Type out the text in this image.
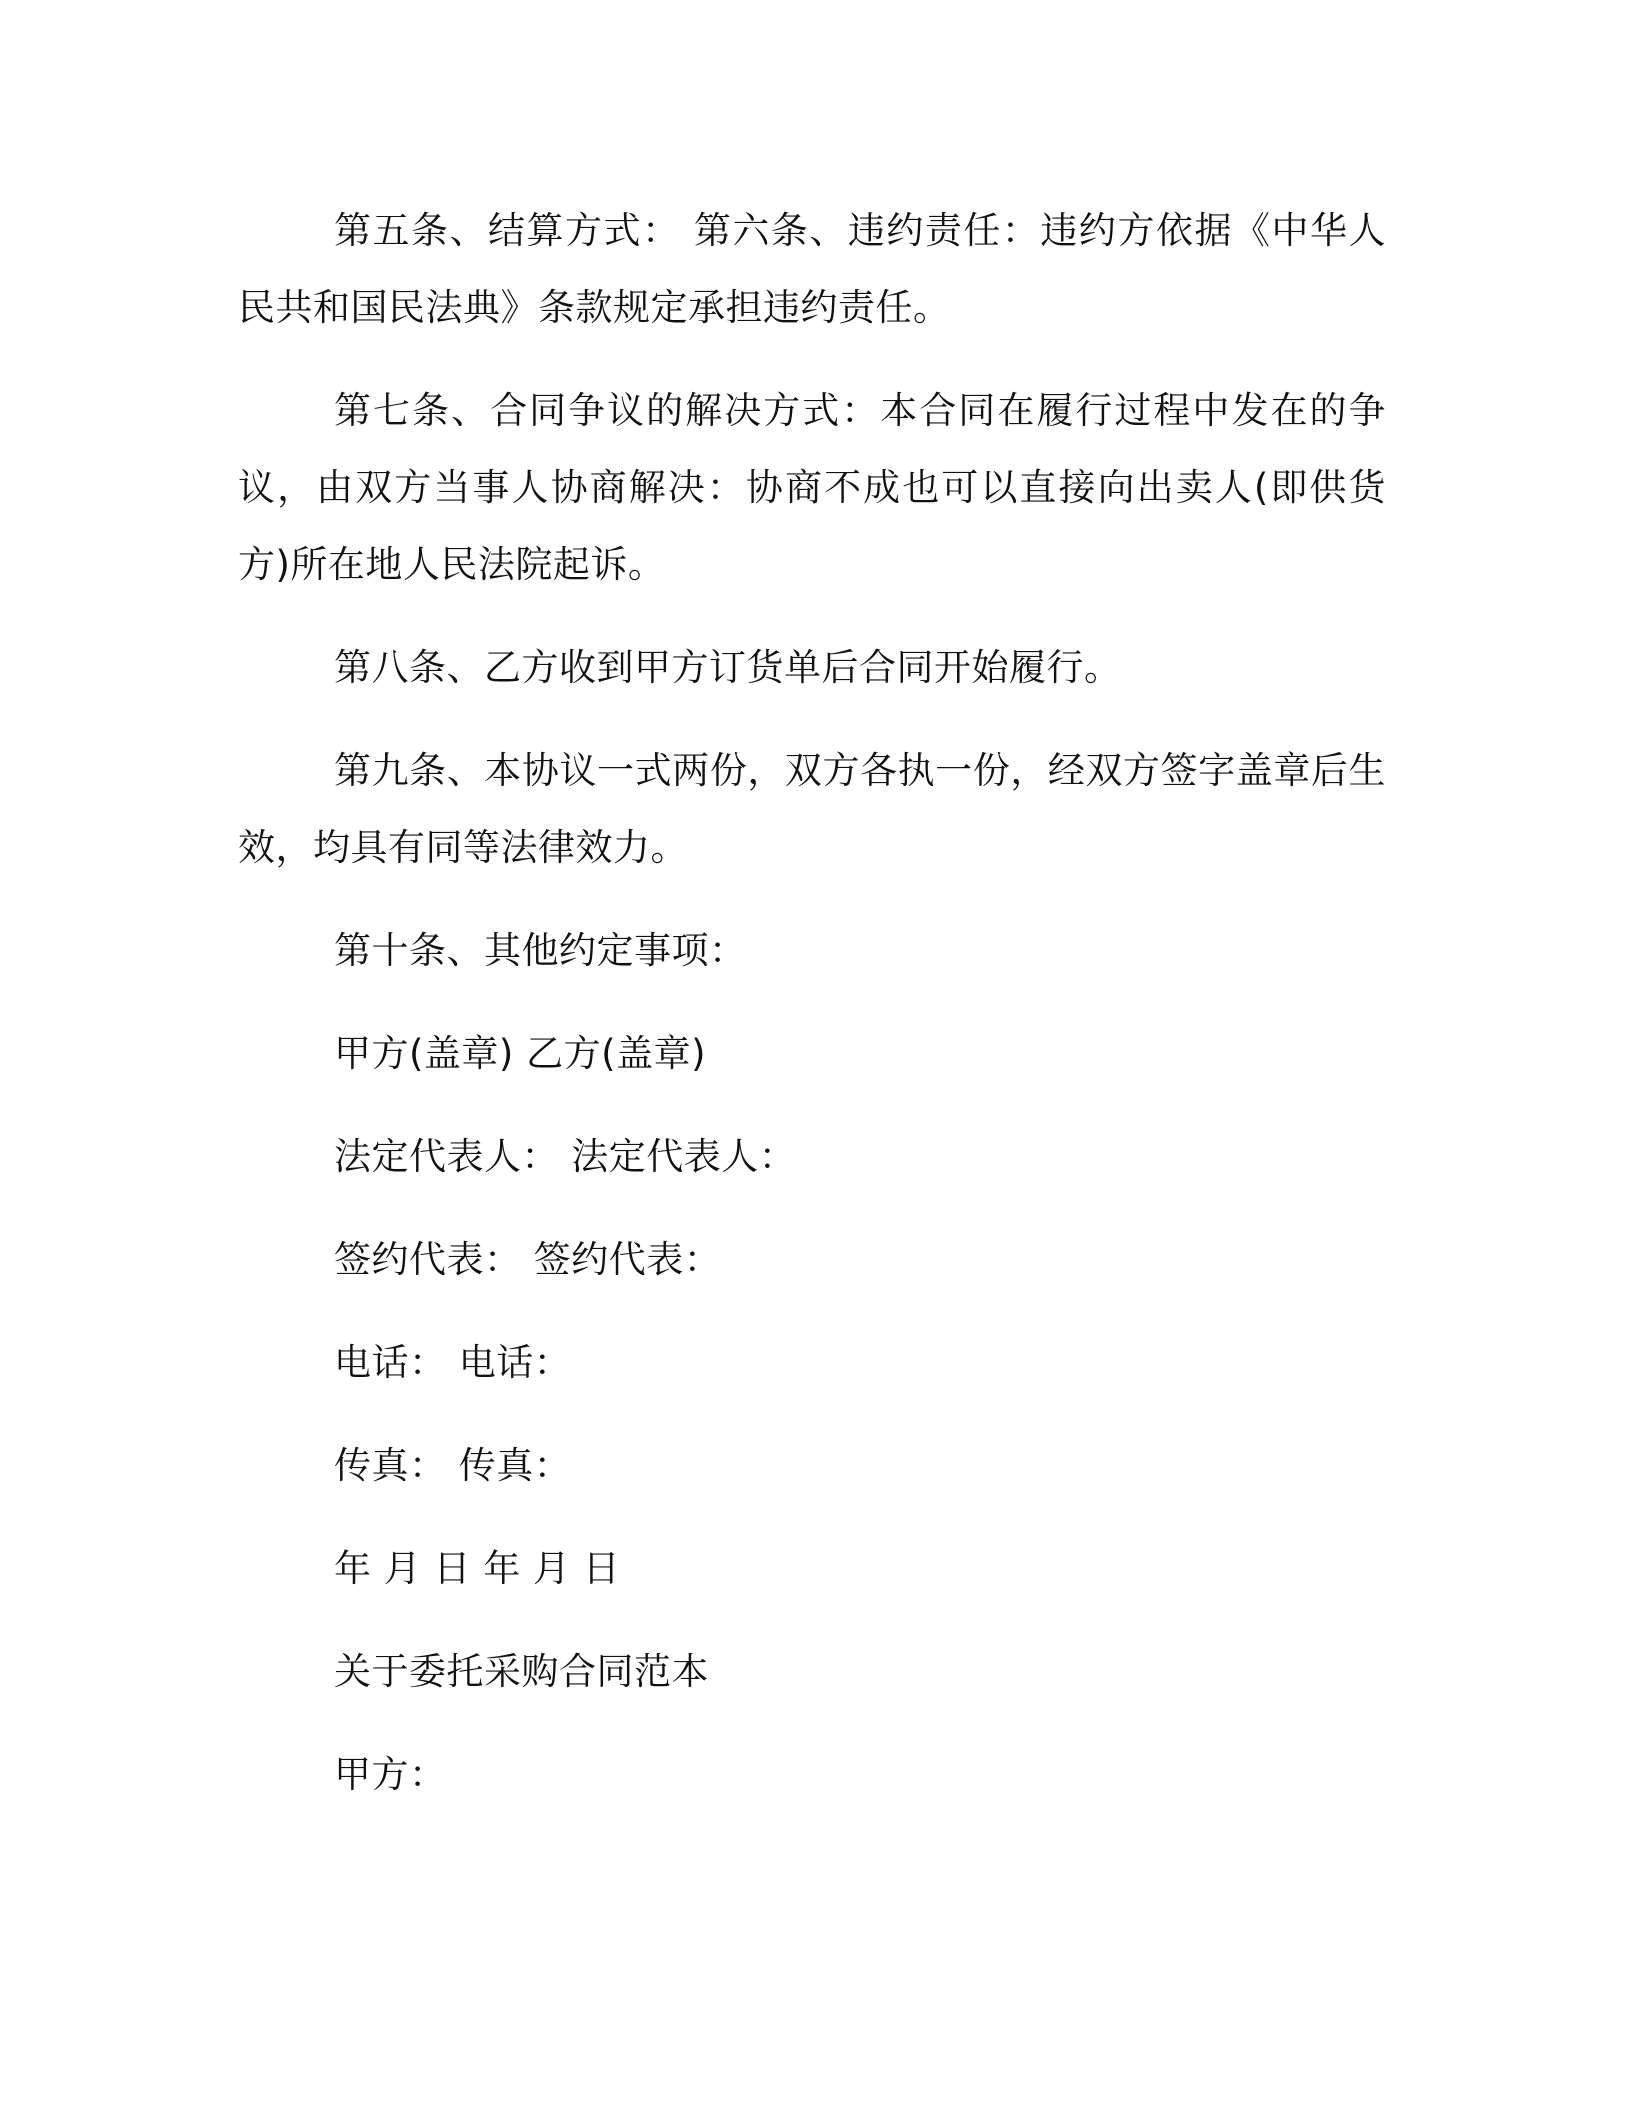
第五条、结算方式： 第六条、违约责任：违约方依据《中华人民共和国民法典》条款规定承担违约责任。

第七条、合同争议的解决方式：本合同在履行过程中发在的争议，由双方当事人协商解决：协商不成也可以直接向出卖人(即供货方)所在地人民法院起诉。

第八条、乙方收到甲方订货单后合同开始履行。

第九条、本协议一式两份，双方各执一份，经双方签字盖章后生效，均具有同等法律效力。

第十条、其他约定事项：

甲方(盖章) 乙方(盖章)

法定代表人： 法定代表人：

签约代表： 签约代表：

电话： 电话：

传真： 传真：

年 月 日 年 月 日

关于委托采购合同范本

甲方：
